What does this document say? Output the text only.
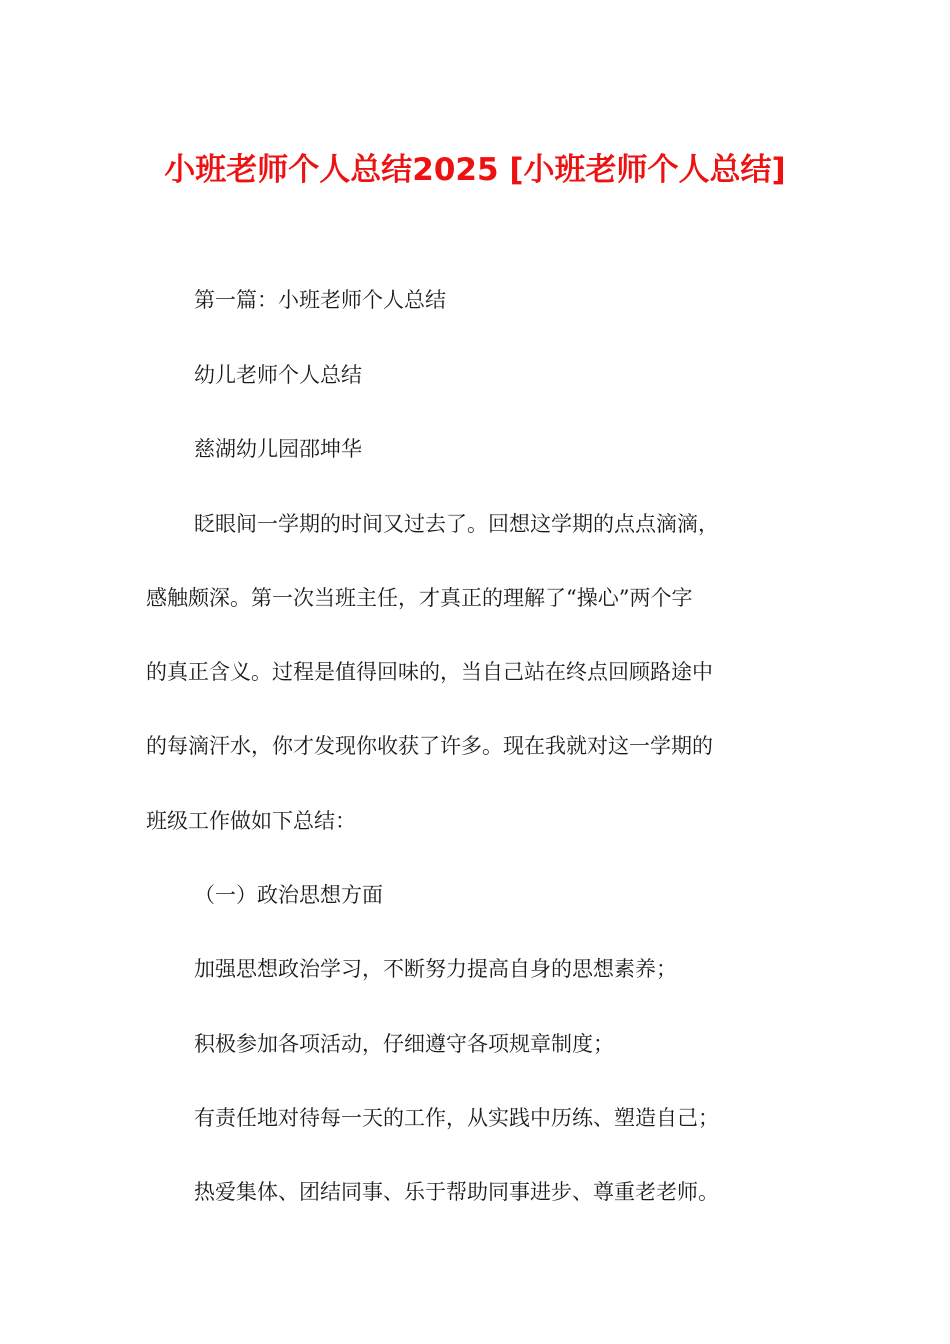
小班老师个人总结2025 [小班老师个人总结]
第一篇：小班老师个人总结
幼儿老师个人总结
慈湖幼儿园邵坤华
眨眼间一学期的时间又过去了。回想这学期的点点滴滴，
感触颇深。第一次当班主任，才真正的理解了“操心”两个字
的真正含义。过程是值得回味的，当自己站在终点回顾路途中
的每滴汗水，你才发现你收获了许多。现在我就对这一学期的
班级工作做如下总结：
（一）政治思想方面
加强思想政治学习，不断努力提高自身的思想素养；
积极参加各项活动，仔细遵守各项规章制度；
有责任地对待每一天的工作，从实践中历练、塑造自己；
热爱集体、团结同事、乐于帮助同事进步、尊重老老师。
